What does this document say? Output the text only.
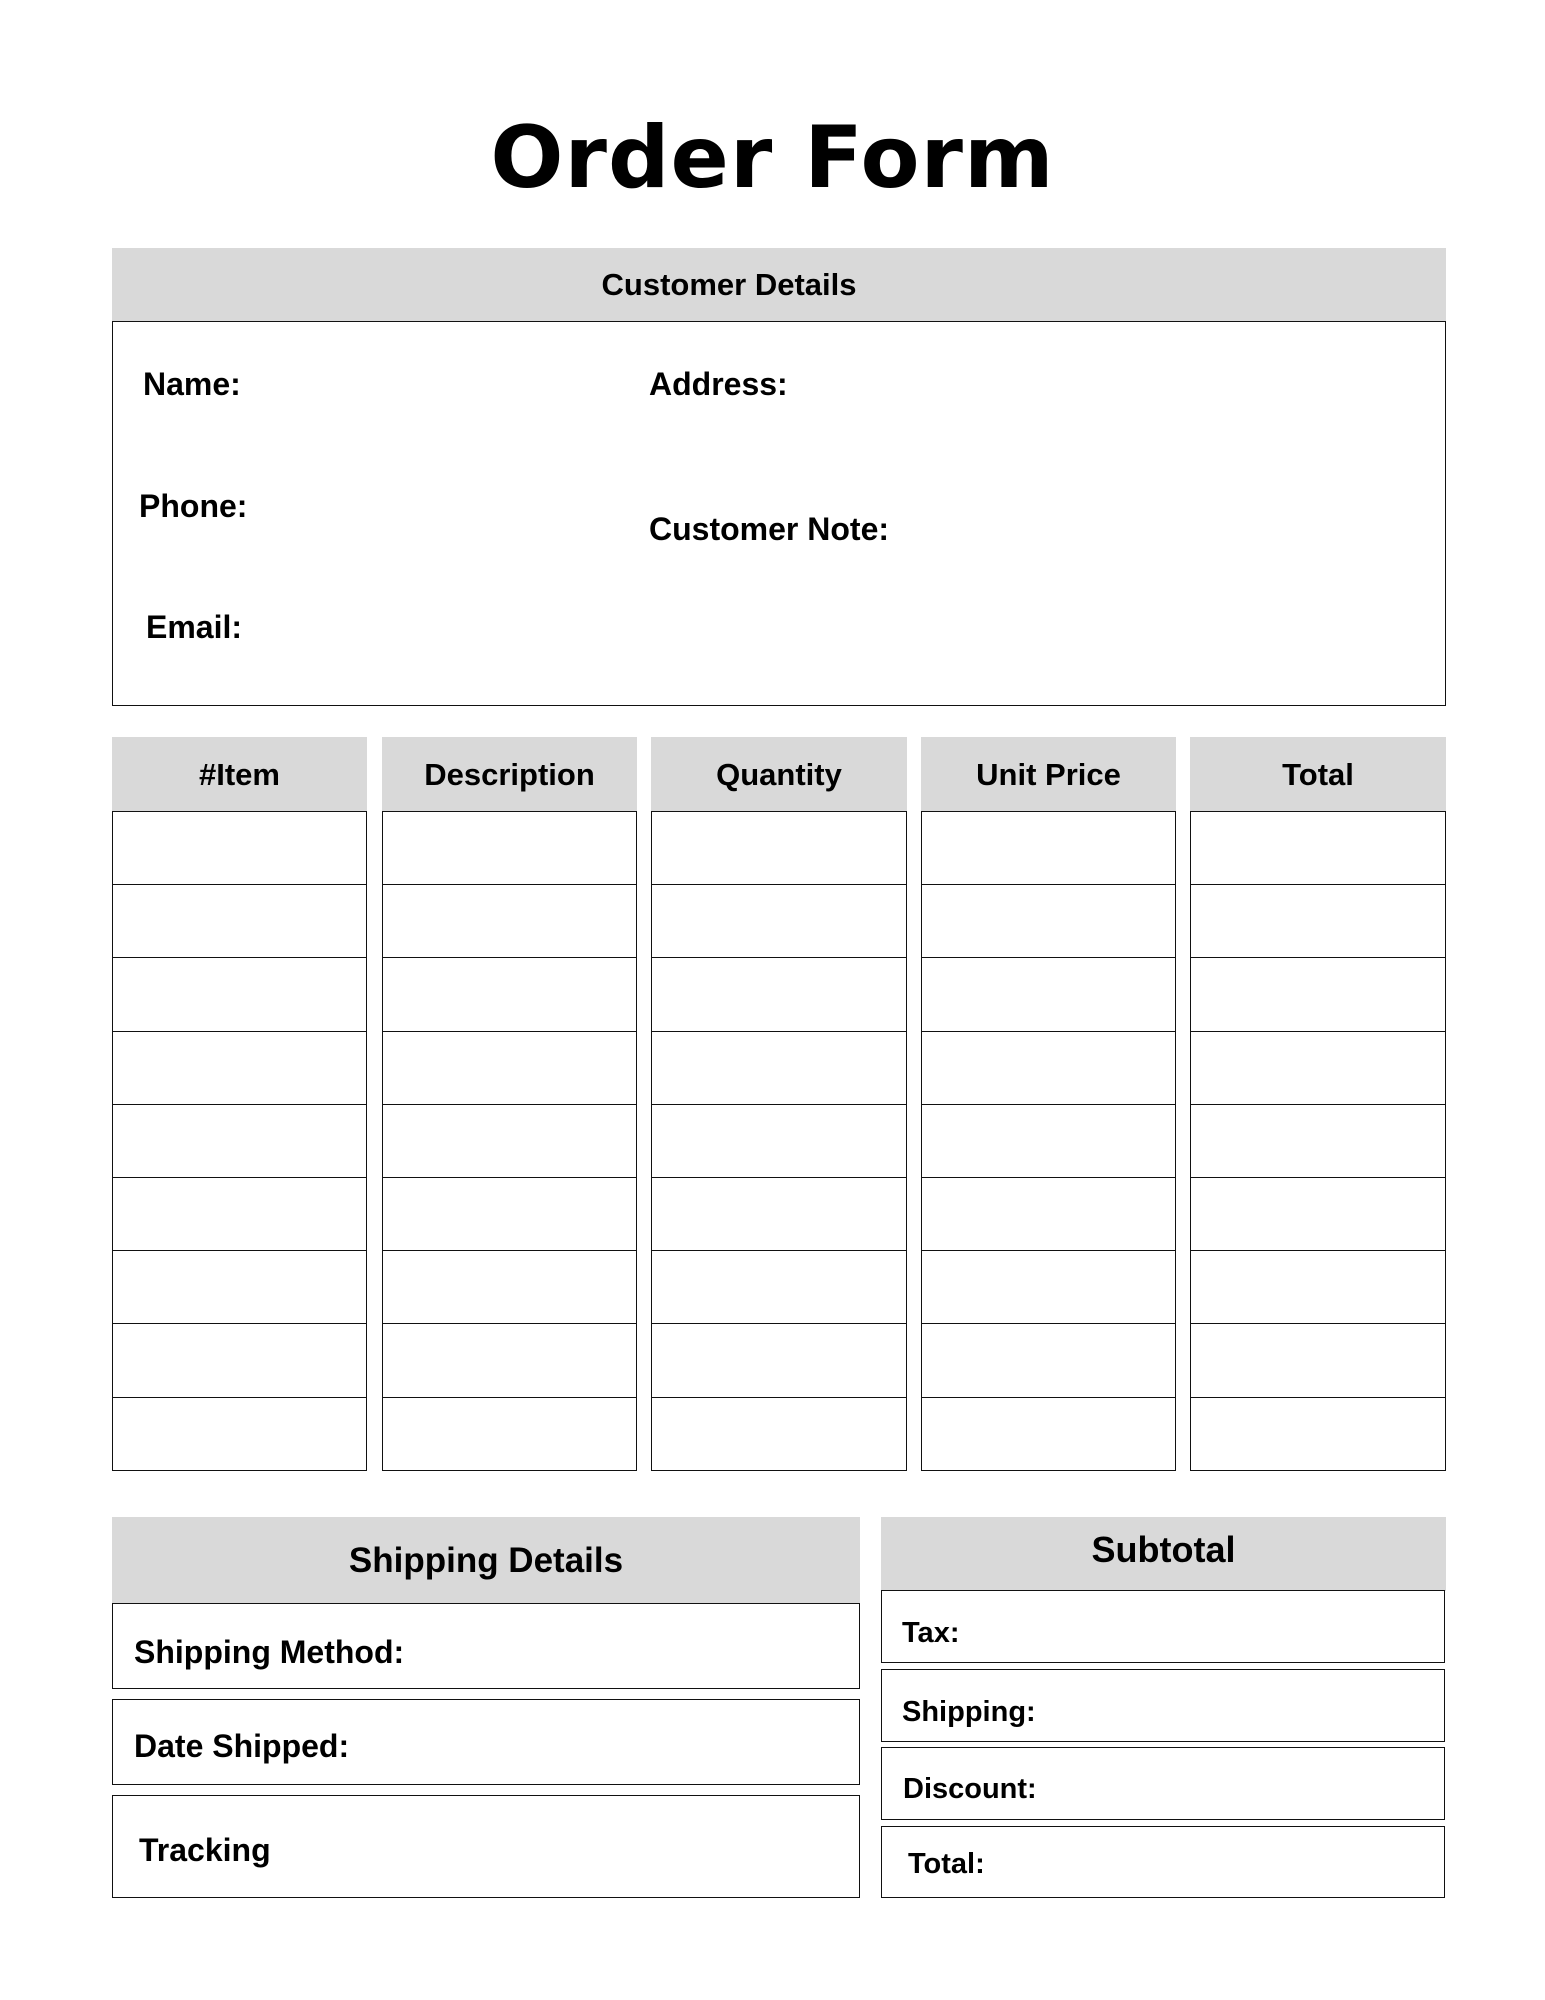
Order Form
Customer Details
Name:	Address:
Phone:
Customer Note:
Email:
#Item	Description	Quantity	Unit Price	Total
Shipping Details
Shipping Method:
Date Shipped:
Tracking
Subtotal
Tax:
Shipping:
Discount:
Total:
